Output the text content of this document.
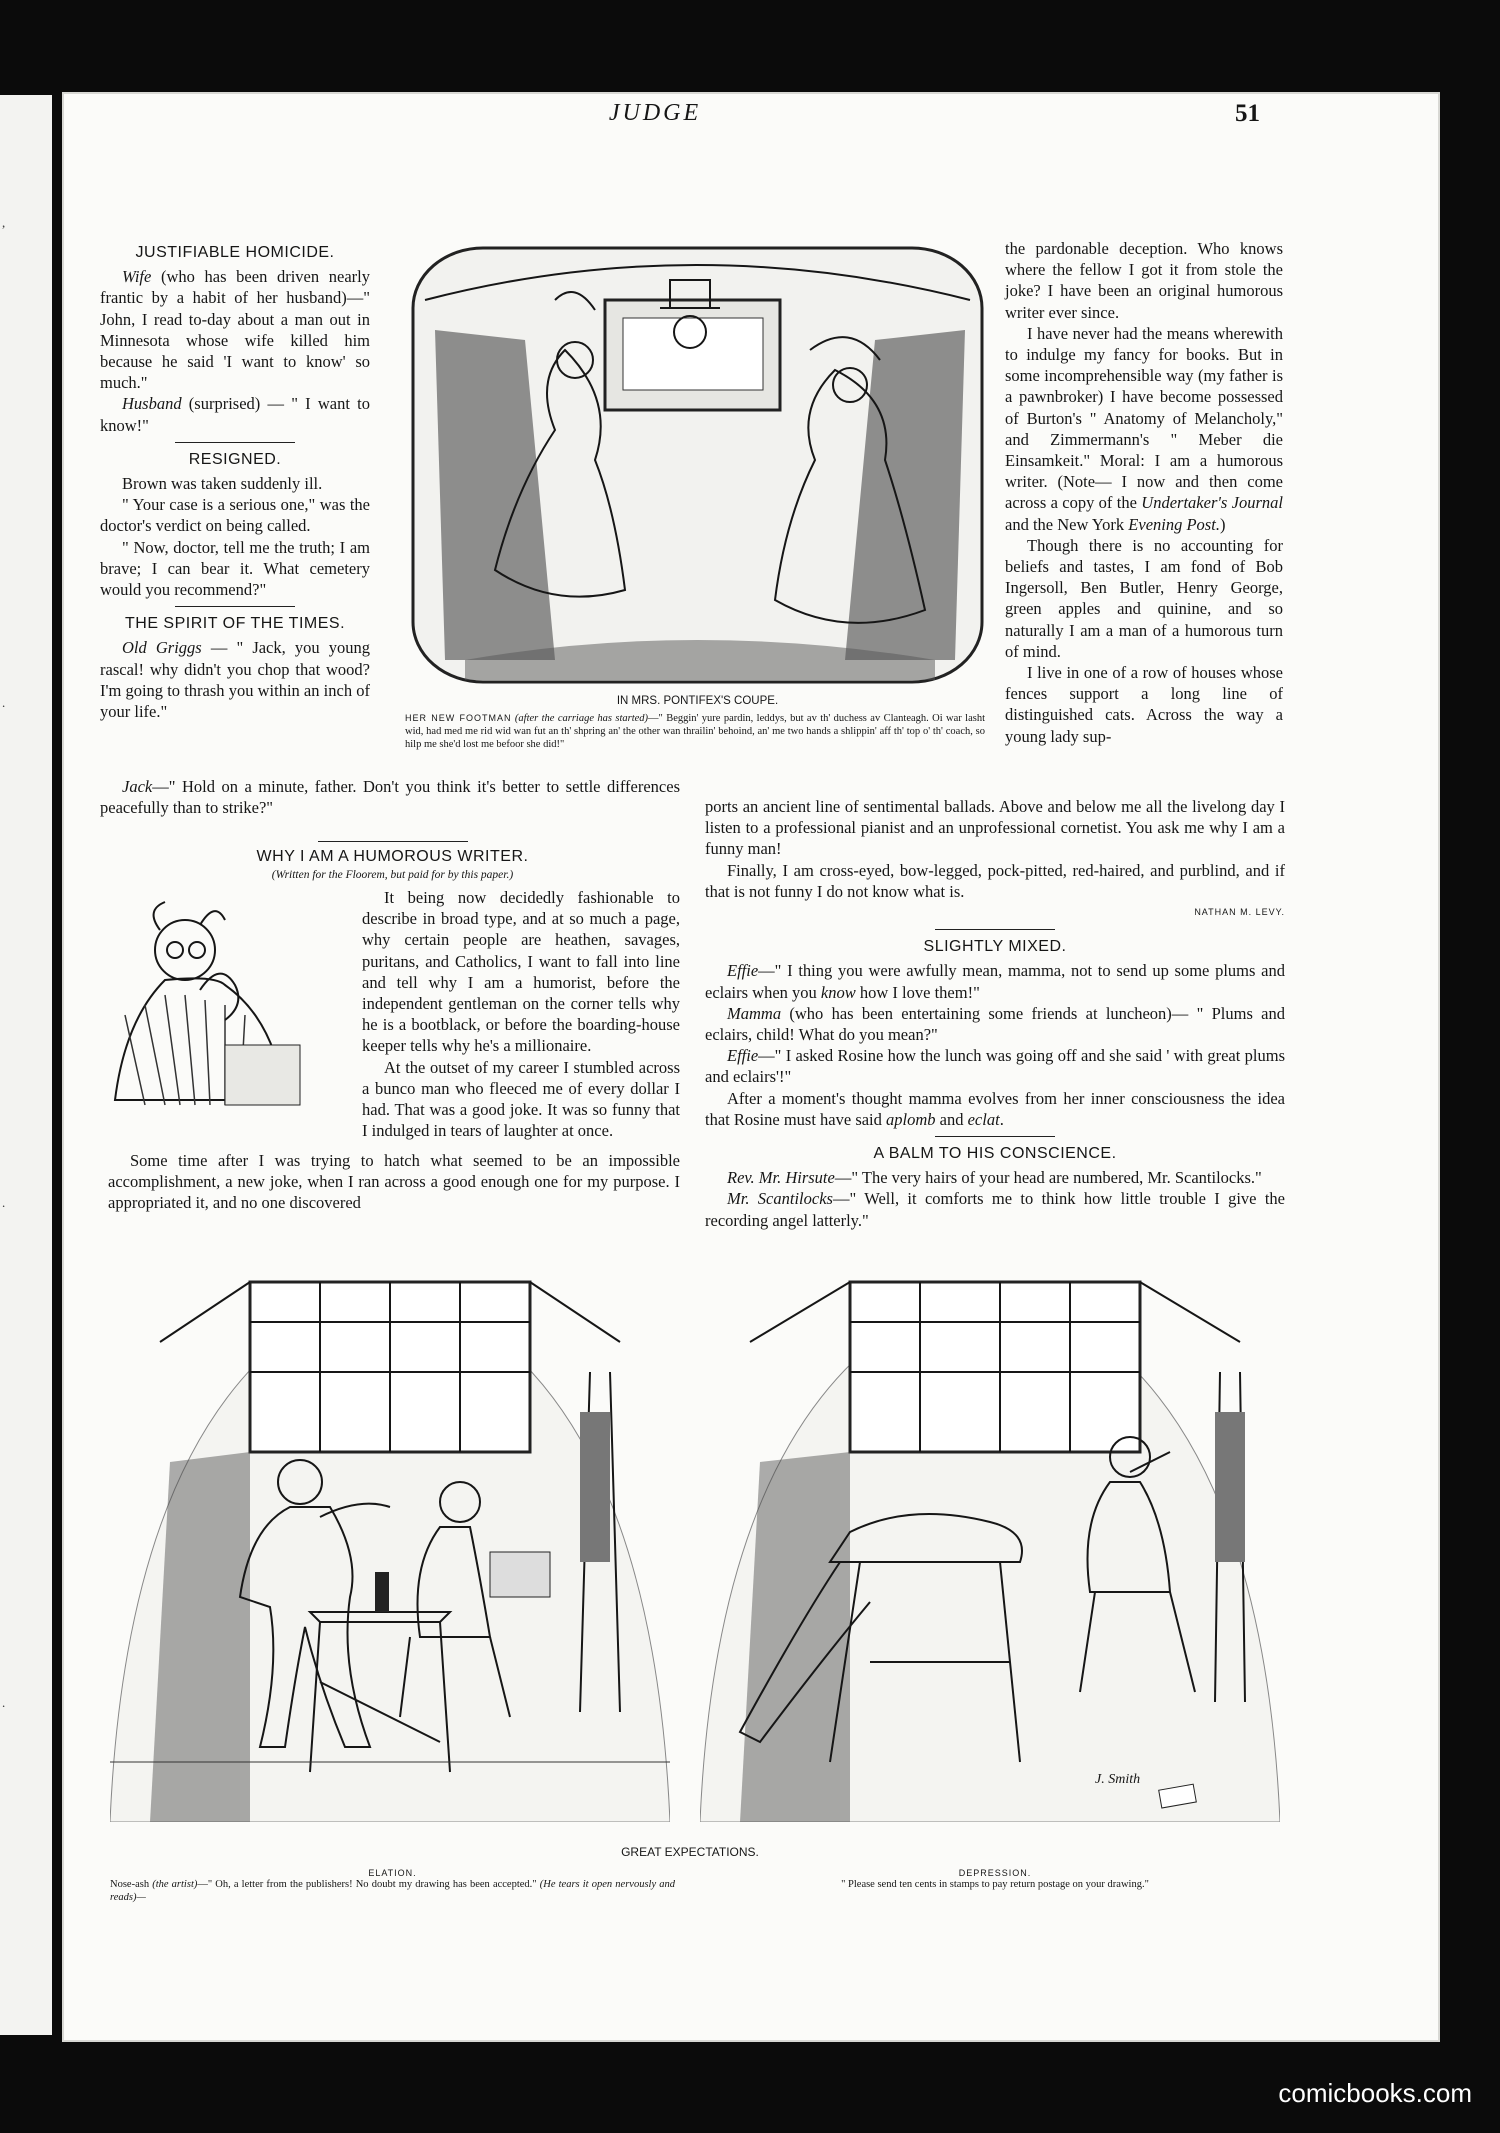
,
.
.
.
JUDGE	51
JUSTIFIABLE HOMICIDE.

Wife (who has been driven nearly frantic by a habit of her husband)—" John, I read to-day about a man out in Minnesota whose wife killed him because he said 'I want to know' so much."

Husband (surprised) — " I want to know!"

RESIGNED.

Brown was taken suddenly ill.

" Your case is a serious one," was the doctor's verdict on being called.

" Now, doctor, tell me the truth; I am brave; I can bear it. What cemetery would you recommend?"

THE SPIRIT OF THE TIMES.

Old Griggs — " Jack, you young rascal! why didn't you chop that wood? I'm going to thrash you within an inch of your life."

Jack—" Hold on a minute, father. Don't you think it's better to settle differences peacefully than to strike?"

IN MRS. PONTIFEX'S COUPE.
HER NEW FOOTMAN (after the carriage has started)—" Beggin' yure pardin, leddys, but av th' duchess av Clanteagh. Oi war lasht wid, had med me rid wid wan fut an th' shpring an' the other wan thrailin' behoind, an' me two hands a shlippin' aff th' top o' th' coach, so hilp me she'd lost me befoor she did!"

the pardonable deception. Who knows where the fellow I got it from stole the joke? I have been an original humorous writer ever since.

I have never had the means wherewith to indulge my fancy for books. But in some incomprehensible way (my father is a pawnbroker) I have become possessed of Burton's " Anatomy of Melancholy," and Zimmermann's " Meber die Einsamkeit." Moral: I am a humorous writer. (Note— I now and then come across a copy of the Undertaker's Journal and the New York Evening Post.)

Though there is no accounting for beliefs and tastes, I am fond of Bob Ingersoll, Ben Butler, Henry George, green apples and quinine, and so naturally I am a man of a humorous turn of mind.

I live in one of a row of houses whose fences support a long line of distinguished cats. Across the way a young lady sup-

ports an ancient line of sentimental ballads. Above and below me all the livelong day I listen to a professional pianist and an unprofessional cornetist. You ask me why I am a funny man!

Finally, I am cross-eyed, bow-legged, pock-pitted, red-haired, and purblind, and if that is not funny I do not know what is.

NATHAN M. LEVY.

SLIGHTLY MIXED.

Effie—" I thing you were awfully mean, mamma, not to send up some plums and eclairs when you know how I love them!"

Mamma (who has been entertaining some friends at luncheon)— " Plums and eclairs, child! What do you mean?"

Effie—" I asked Rosine how the lunch was going off and she said ' with great plums and eclairs'!"

After a moment's thought mamma evolves from her inner consciousness the idea that Rosine must have said aplomb and eclat.

A BALM TO HIS CONSCIENCE.

Rev. Mr. Hirsute—" The very hairs of your head are numbered, Mr. Scantilocks."

Mr. Scantilocks—" Well, it comforts me to think how little trouble I give the recording angel latterly."

WHY I AM A HUMOROUS WRITER.
(Written for the Floorem, but paid for by this paper.)

It being now decidedly fashionable to describe in broad type, and at so much a page, why certain people are heathen, savages, puritans, and Catholics, I want to fall into line and tell why I am a humorist, before the independent gentleman on the corner tells why he is a bootblack, or before the boarding-house keeper tells why he's a millionaire.

At the outset of my career I stumbled across a bunco man who fleeced me of every dollar I had. That was a good joke. It was so funny that I indulged in tears of laughter at once.

Some time after I was trying to hatch what seemed to be an impossible accomplishment, a new joke, when I ran across a good enough one for my purpose. I appropriated it, and no one discovered

J. Smith
GREAT EXPECTATIONS.
ELATION.
Nose-ash (the artist)—" Oh, a letter from the publishers! No doubt my drawing has been accepted." (He tears it open nervously and reads)—
DEPRESSION.
" Please send ten cents in stamps to pay return postage on your drawing."
comicbooks.com
